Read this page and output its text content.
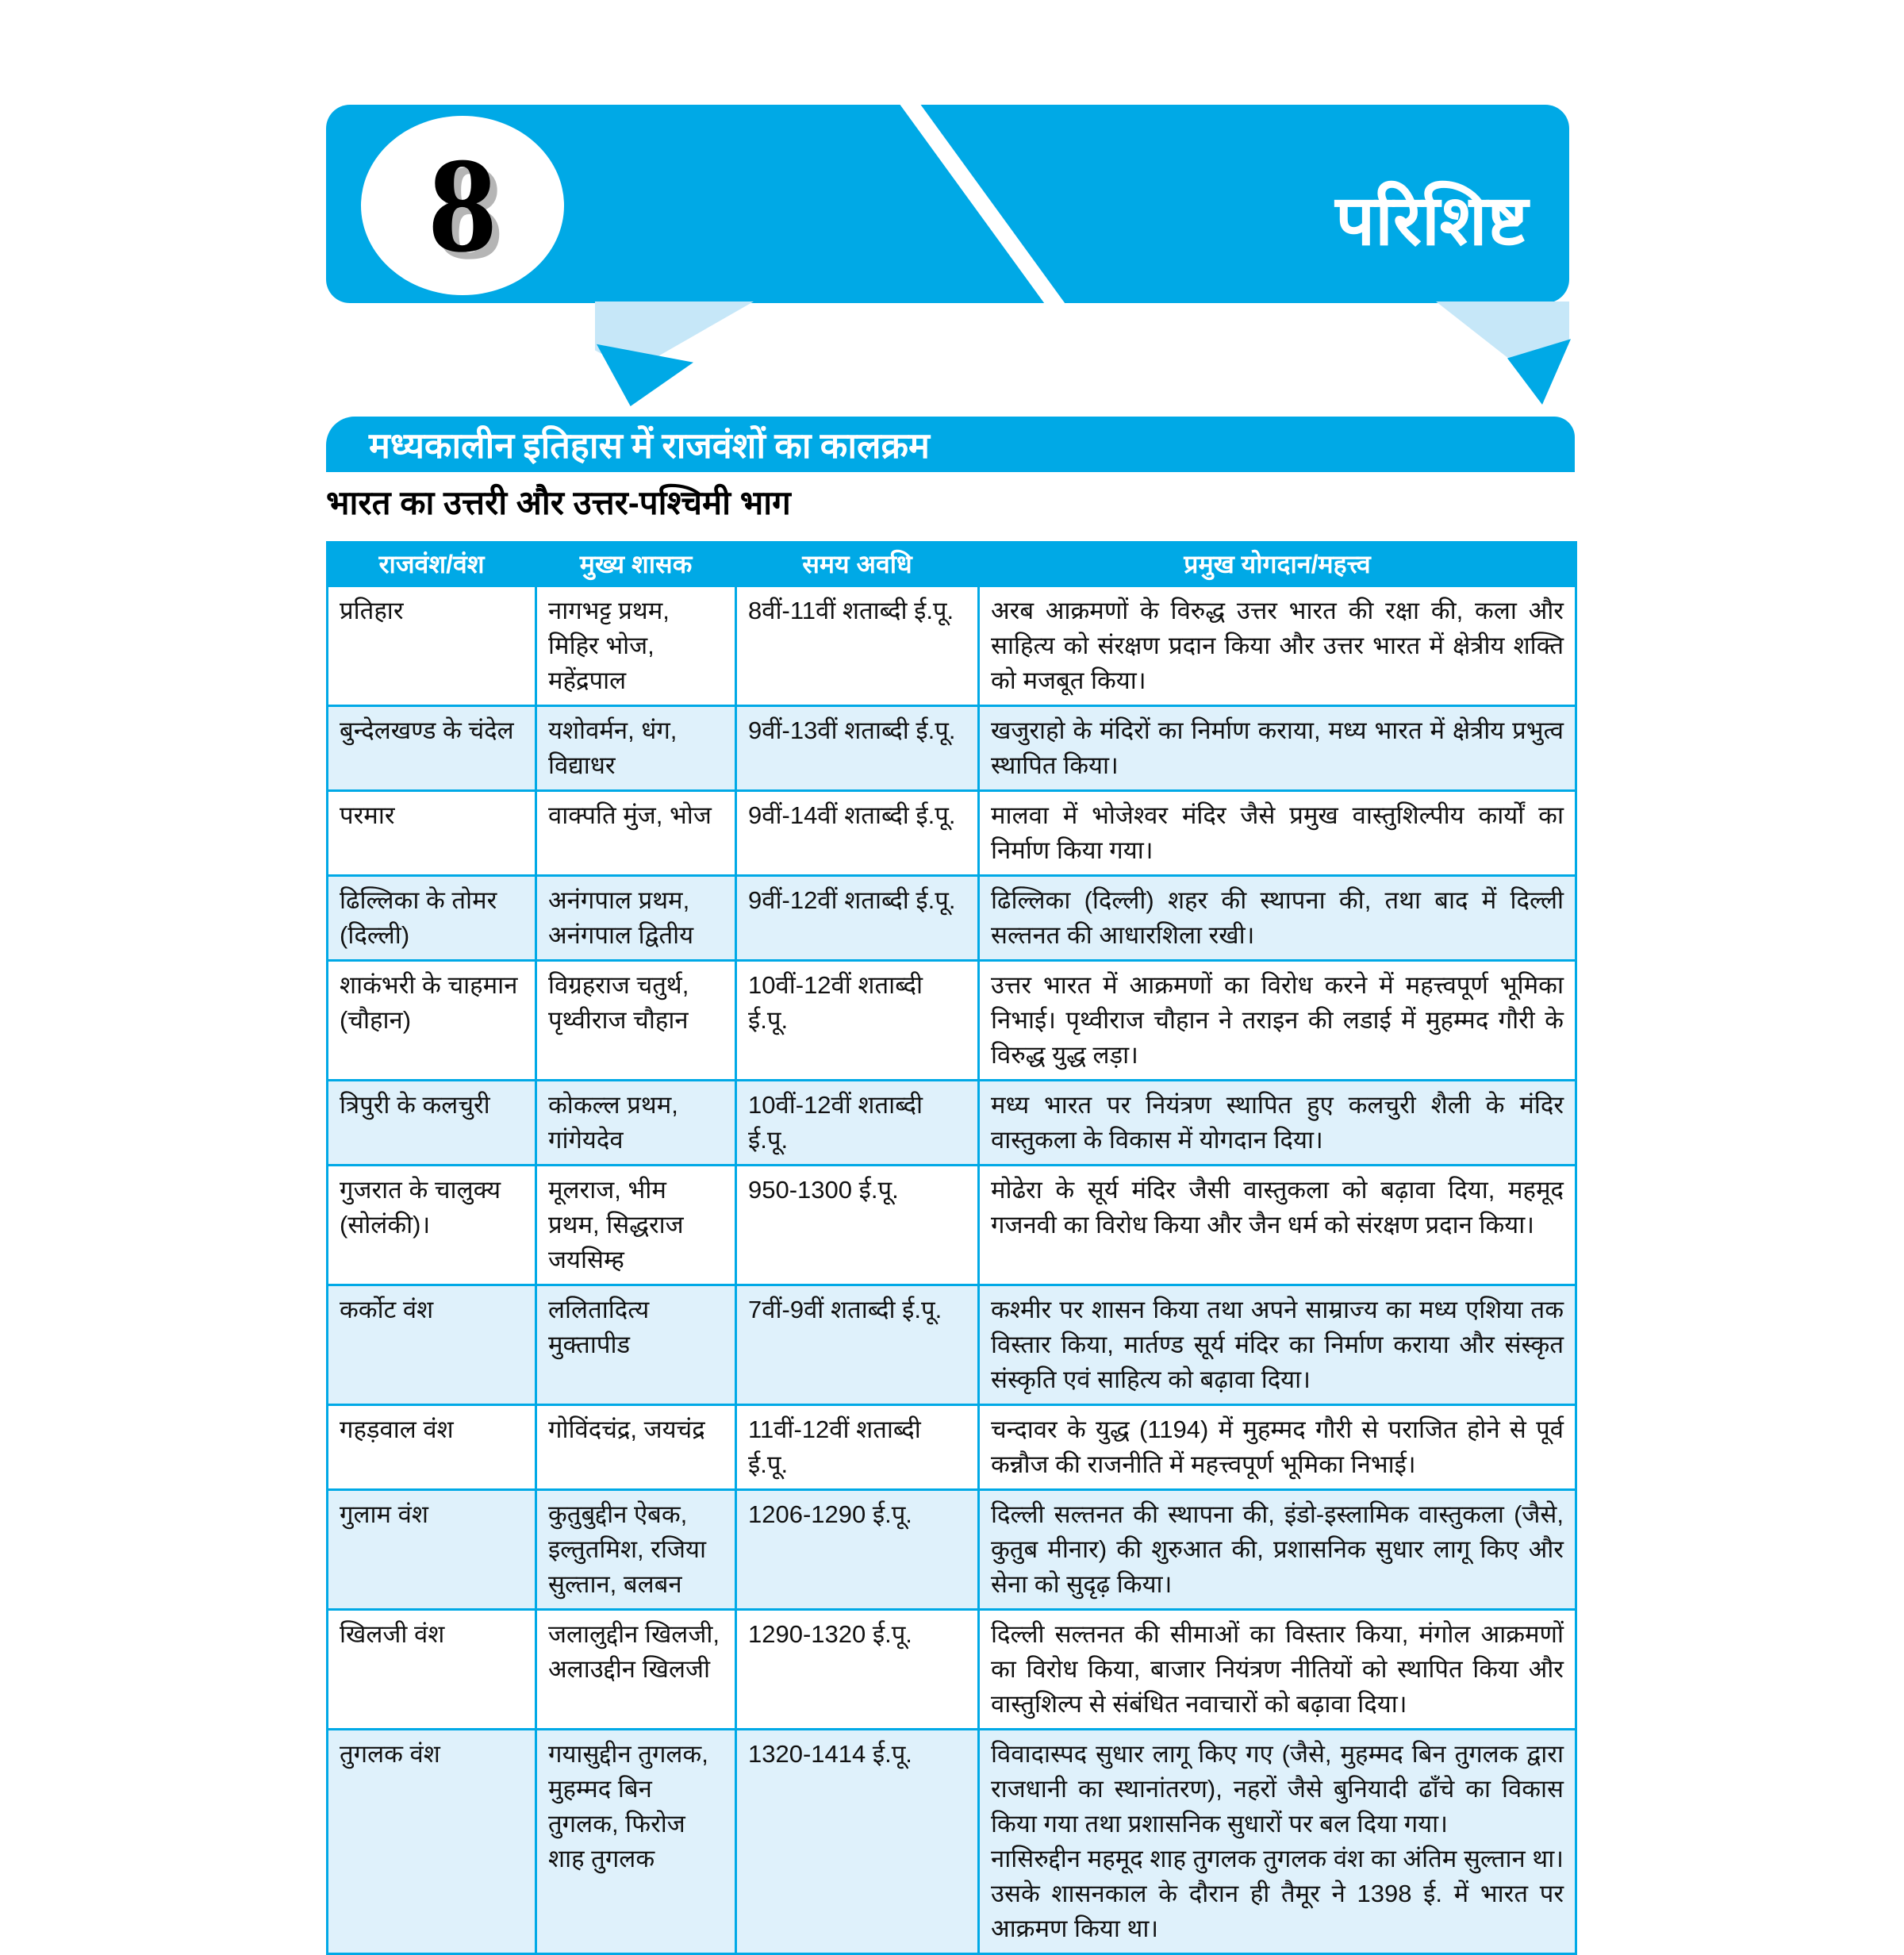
8	परिशिष्ट
मध्यकालीन इतिहास में राजवंशों का कालक्रम
भारत का उत्तरी और उत्तर-पश्चिमी भाग
राजवंश/वंश	मुख्य शासक	समय अवधि	प्रमुख योगदान/महत्त्व
प्रतिहार	नागभट्ट प्रथम, मिहिर भोज, महेंद्रपाल	8वीं-11वीं शताब्दी ई.पू.	अरब आक्रमणों के विरुद्ध उत्तर भारत की रक्षा की, कला और साहित्य को संरक्षण प्रदान किया और उत्तर भारत में क्षेत्रीय शक्ति को मजबूत किया।

बुन्देलखण्ड के चंदेल	यशोवर्मन, धंग, विद्याधर	9वीं-13वीं शताब्दी ई.पू.	खजुराहो के मंदिरों का निर्माण कराया, मध्य भारत में क्षेत्रीय प्रभुत्व स्थापित किया।

परमार	वाक्पति मुंज, भोज	9वीं-14वीं शताब्दी ई.पू.	मालवा में भोजेश्वर मंदिर जैसे प्रमुख वास्तुशिल्पीय कार्यों का निर्माण किया गया।

ढिल्लिका के तोमर (दिल्ली)	अनंगपाल प्रथम, अनंगपाल द्वितीय	9वीं-12वीं शताब्दी ई.पू.	ढिल्लिका (दिल्ली) शहर की स्थापना की, तथा बाद में दिल्ली सल्तनत की आधारशिला रखी।

शाकंभरी के चाहमान (चौहान)	विग्रहराज चतुर्थ, पृथ्वीराज चौहान	10वीं-12वीं शताब्दी ई.पू.	उत्तर भारत में आक्रमणों का विरोध करने में महत्त्वपूर्ण भूमिका निभाई। पृथ्वीराज चौहान ने तराइन की लडाई में मुहम्मद गौरी के विरुद्ध युद्ध लड़ा।

त्रिपुरी के कलचुरी	कोकल्ल प्रथम, गांगेयदेव	10वीं-12वीं शताब्दी ई.पू.	मध्य भारत पर नियंत्रण स्थापित हुए कलचुरी शैली के मंदिर वास्तुकला के विकास में योगदान दिया।

गुजरात के चालुक्य (सोलंकी)।	मूलराज, भीम प्रथम, सिद्धराज जयसिम्ह	950-1300 ई.पू.	मोढेरा के सूर्य मंदिर जैसी वास्तुकला को बढ़ावा दिया, महमूद गजनवी का विरोध किया और जैन धर्म को संरक्षण प्रदान किया।

कर्कोट वंश	ललितादित्य मुक्तापीड	7वीं-9वीं शताब्दी ई.पू.	कश्मीर पर शासन किया तथा अपने साम्राज्य का मध्य एशिया तक विस्तार किया, मार्तण्ड सूर्य मंदिर का निर्माण कराया और संस्कृत संस्कृति एवं साहित्य को बढ़ावा दिया।

गहड़वाल वंश	गोविंदचंद्र, जयचंद्र	11वीं-12वीं शताब्दी ई.पू.	चन्दावर के युद्ध (1194) में मुहम्मद गौरी से पराजित होने से पूर्व कन्नौज की राजनीति में महत्त्वपूर्ण भूमिका निभाई।

गुलाम वंश	कुतुबुद्दीन ऐबक, इल्तुतमिश, रजिया सुल्तान, बलबन	1206-1290 ई.पू.	दिल्ली सल्तनत की स्थापना की, इंडो-इस्लामिक वास्तुकला (जैसे, कुतुब मीनार) की शुरुआत की, प्रशासनिक सुधार लागू किए और सेना को सुदृढ़ किया।

खिलजी वंश	जलालुद्दीन खिलजी, अलाउद्दीन खिलजी	1290-1320 ई.पू.	दिल्ली सल्तनत की सीमाओं का विस्तार किया, मंगोल आक्रमणों का विरोध किया, बाजार नियंत्रण नीतियों को स्थापित किया और वास्तुशिल्प से संबंधित नवाचारों को बढ़ावा दिया।

तुगलक वंश	गयासुद्दीन तुगलक, मुहम्मद बिन तुगलक, फिरोज शाह तुगलक	1320-1414 ई.पू.	विवादास्पद सुधार लागू किए गए (जैसे, मुहम्मद बिन तुगलक द्वारा राजधानी का स्थानांतरण), नहरों जैसे बुनियादी ढाँचे का विकास किया गया तथा प्रशासनिक सुधारों पर बल दिया गया।
नासिरुद्दीन महमूद शाह तुगलक तुगलक वंश का अंतिम सुल्तान था। उसके शासनकाल के दौरान ही तैमूर ने 1398 ई. में भारत पर आक्रमण किया था।
